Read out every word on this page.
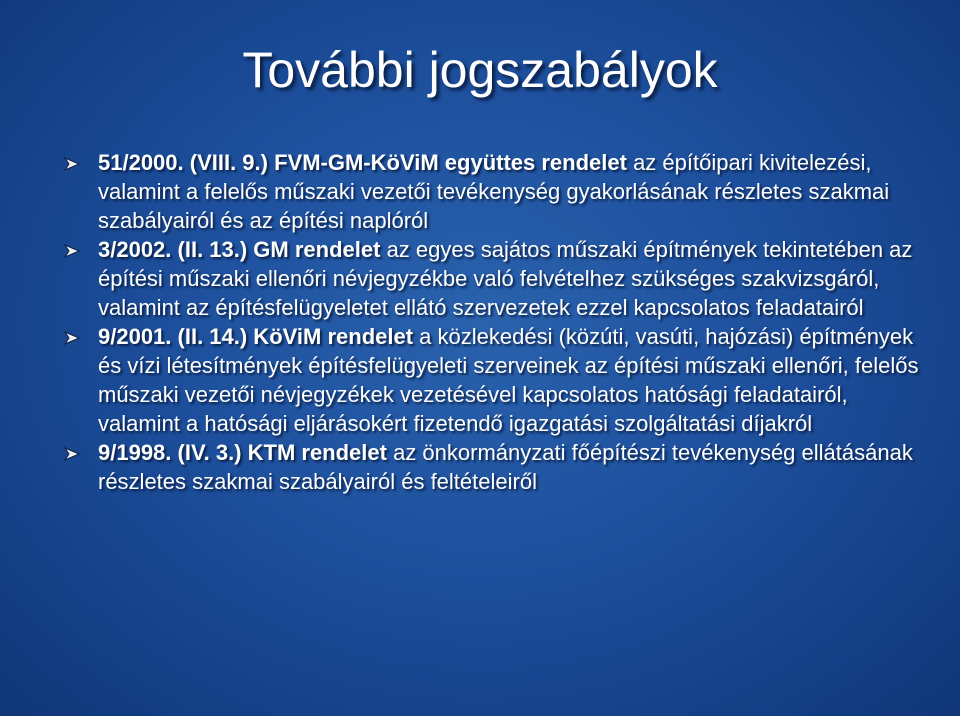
További jogszabályok
51/2000. (VIII. 9.) FVM-GM-KöViM együttes rendelet az építőipari kivitelezési, valamint a felelős műszaki vezetői tevékenység gyakorlásának részletes szakmai szabályairól és az építési naplóról
3/2002. (II. 13.) GM rendelet az egyes sajátos műszaki építmények tekintetében az építési műszaki ellenőri névjegyzékbe való felvételhez szükséges szakvizsgáról, valamint az építésfelügyeletet ellátó szervezetek ezzel kapcsolatos feladatairól
9/2001. (II. 14.) KöViM rendelet a közlekedési (közúti, vasúti, hajózási) építmények és vízi létesítmények építésfelügyeleti szerveinek az építési műszaki ellenőri, felelős műszaki vezetői névjegyzékek vezetésével kapcsolatos hatósági feladatairól, valamint a hatósági eljárásokért fizetendő igazgatási szolgáltatási díjakról
9/1998. (IV. 3.) KTM rendelet az önkormányzati főépítészi tevékenység ellátásának részletes szakmai szabályairól és feltételeiről
